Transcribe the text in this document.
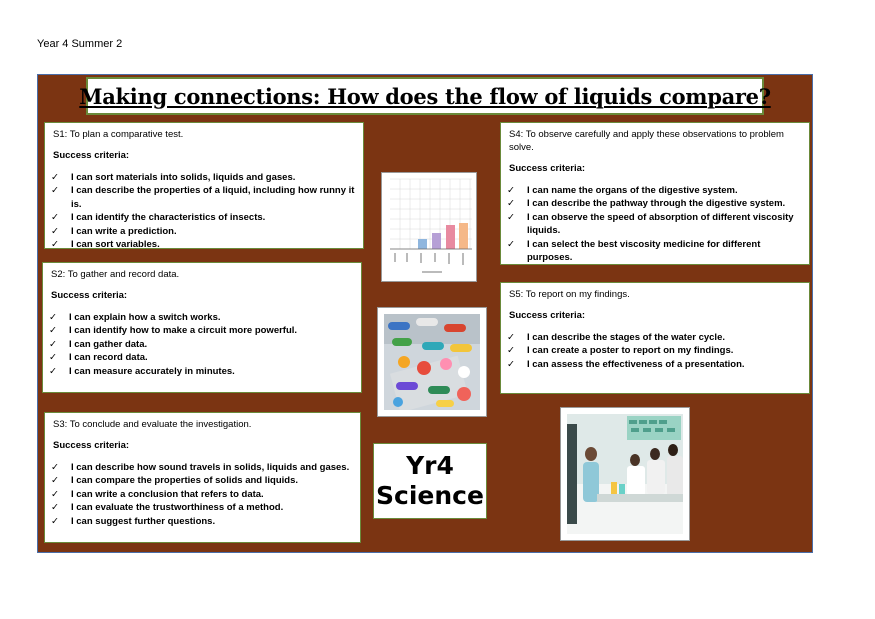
Year 4 Summer 2
Making connections: How does the flow of liquids compare?
S1: To plan a comparative test.
Success criteria:
✓ I can sort materials into solids, liquids and gases.
✓ I can describe the properties of a liquid, including how runny it is.
✓ I can identify the characteristics of insects.
✓ I can write a prediction.
✓ I can sort variables.
S2: To gather and record data.
Success criteria:
✓ I can explain how a switch works.
✓ I can identify how to make a circuit more powerful.
✓ I can gather data.
✓ I can record data.
✓ I can measure accurately in minutes.
S3: To conclude and evaluate the investigation.
Success criteria:
✓ I can describe how sound travels in solids, liquids and gases.
✓ I can compare the properties of solids and liquids.
✓ I can write a conclusion that refers to data.
✓ I can evaluate the trustworthiness of a method.
✓ I can suggest further questions.
S4: To observe carefully and apply these observations to problem solve.
Success criteria:
✓ I can name the organs of the digestive system.
✓ I can describe the pathway through the digestive system.
✓ I can observe the speed of absorption of different viscosity liquids.
✓ I can select the best viscosity medicine for different purposes.
S5: To report on my findings.
Success criteria:
✓ I can describe the stages of the water cycle.
✓ I can create a poster to report on my findings.
✓ I can assess the effectiveness of a presentation.
Yr4
Science
